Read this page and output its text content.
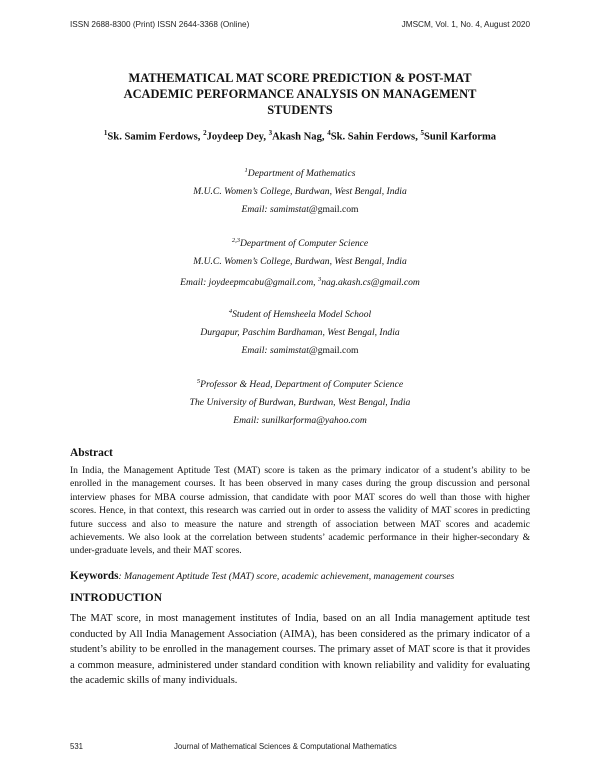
ISSN 2688-8300 (Print) ISSN 2644-3368 (Online)	JMSCM, Vol. 1, No. 4, August 2020
MATHEMATICAL MAT SCORE PREDICTION & POST-MAT
ACADEMIC PERFORMANCE ANALYSIS ON MANAGEMENT
STUDENTS
$^1$Sk. Samim Ferdows, $^2$Joydeep Dey, $^3$Akash Nag, $^4$Sk. Sahin Ferdows, $^5$Sunil Karforma
$^1$Department of Mathematics
M.U.C. Women’s College, Burdwan, West Bengal, India
Email: samimstat@gmail.com
$^{2,3}$Department of Computer Science
M.U.C. Women’s College, Burdwan, West Bengal, India
Email: joydeepmcabu@gmail.com, $^3$nag.akash.cs@gmail.com
$^4$Student of Hemsheela Model School
Durgapur, Paschim Bardhaman, West Bengal, India
Email: samimstat@gmail.com
$^5$Professor & Head, Department of Computer Science
The University of Burdwan, Burdwan, West Bengal, India
Email: sunilkarforma@yahoo.com
Abstract

In India, the Management Aptitude Test (MAT) score is taken as the primary indicator of a student’s ability to be enrolled in the management courses. It has been observed in many cases during the group discussion and personal interview phases for MBA course admission, that candidate with poor MAT scores do well than those with higher scores. Hence, in that context, this research was carried out in order to assess the validity of MAT scores in predicting future success and also to measure the nature and strength of association between MAT scores and academic achievements. We also look at the correlation between students’ academic performance in their higher-secondary & under-graduate levels, and their MAT scores.

Keywords: Management Aptitude Test (MAT) score, academic achievement, management courses
INTRODUCTION

The MAT score, in most management institutes of India, based on an all India management aptitude test conducted by All India Management Association (AIMA), has been considered as the primary indicator of a student’s ability to be enrolled in the management courses. The primary asset of MAT score is that it provides a common measure, administered under standard condition with known reliability and validity for evaluating the academic skills of many individuals.

531	Journal of Mathematical Sciences & Computational Mathematics
